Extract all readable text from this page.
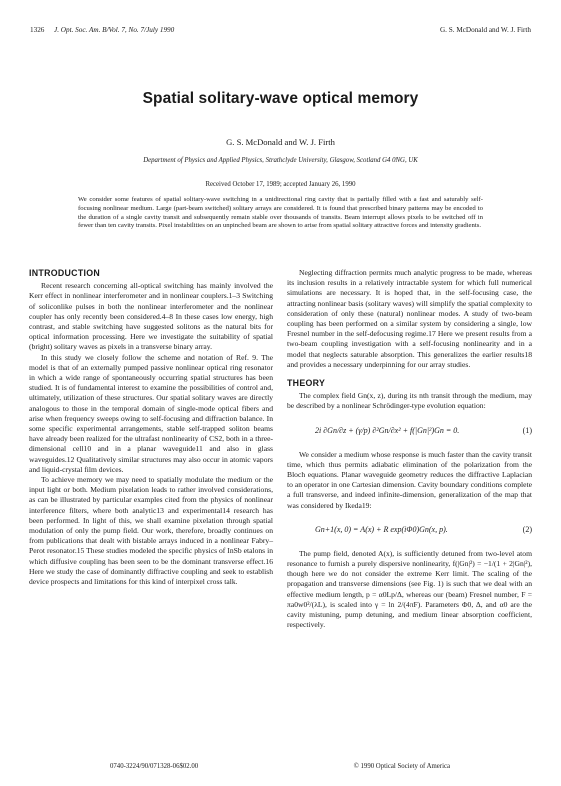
1326	J. Opt. Soc. Am. B/Vol. 7, No. 7/July 1990	G. S. McDonald and W. J. Firth
Spatial solitary-wave optical memory
G. S. McDonald and W. J. Firth
Department of Physics and Applied Physics, Strathclyde University, Glasgow, Scotland G4 0NG, UK
Received October 17, 1989; accepted January 26, 1990
We consider some features of spatial solitary-wave switching in a unidirectional ring cavity that is partially filled with a fast and saturably self-focusing nonlinear medium. Large (part-beam switched) solitary arrays are considered. It is found that prescribed binary patterns may be encoded to the duration of a single cavity transit and subsequently remain stable over thousands of transits. Beam interrupt allows pixels to be switched off in fewer than ten cavity transits. Pixel instabilities on an unpinched beam are shown to arise from spatial solitary attractive forces and intensity gradients.
INTRODUCTION

Recent research concerning all-optical switching has mainly involved the Kerr effect in nonlinear interferometer and in nonlinear couplers.1–3 Switching of soliconlike pulses in both the nonlinear interferometer and the nonlinear coupler has only recently been considered.4–8 In these cases low energy, high contrast, and stable switching have suggested solitons as the natural bits for optical information processing. Here we investigate the suitability of spatial (bright) solitary waves as pixels in a transverse binary array.

In this study we closely follow the scheme and notation of Ref. 9. The model is that of an externally pumped passive nonlinear optical ring resonator in which a wide range of spontaneously occurring spatial structures has been studied. It is of fundamental interest to examine the possibilities of control and, ultimately, utilization of these structures. Our spatial solitary waves are directly analogous to those in the temporal domain of single-mode optical fibers and arise when frequency sweeps owing to self-focusing and diffraction balance. In some specific experimental arrangements, stable self-trapped soliton beams have already been realized for the ultrafast nonlinearity of CS2, both in a three-dimensional cell10 and in a planar waveguide11 and also in glass waveguides.12 Qualitatively similar structures may also occur in atomic vapors and liquid-crystal film devices.

To achieve memory we may need to spatially modulate the medium or the input light or both. Medium pixelation leads to rather involved considerations, as can be illustrated by particular examples cited from the physics of nonlinear interference filters, where both analytic13 and experimental14 research has been performed. In light of this, we shall examine pixelation through spatial modulation of only the pump field. Our work, therefore, broadly continues on from publications that dealt with bistable arrays induced in a nonlinear Fabry–Perot resonator.15 These studies modeled the specific physics of InSb etalons in which diffusive coupling has been seen to be the dominant transverse effect.16 Here we study the case of dominantly diffractive coupling and seek to establish device prospects and limitations for this kind of interpixel cross talk.

Neglecting diffraction permits much analytic progress to be made, whereas its inclusion results in a relatively intractable system for which full numerical simulations are necessary. It is hoped that, in the self-focusing case, the attracting nonlinear basis (solitary waves) will simplify the spatial complexity to consideration of only these (natural) nonlinear modes. A study of two-beam coupling has been performed on a similar system by considering a single, low Fresnel number in the self-defocusing regime.17 Here we present results from a two-beam coupling investigation with a self-focusing nonlinearity and in a model that neglects saturable absorption. This generalizes the earlier results18 and provides a necessary underpinning for our array studies.

THEORY

The complex field Gn(x, z), during its nth transit through the medium, may be described by a nonlinear Schrödinger-type evolution equation:

2i ∂Gn/∂z + (γ/p) ∂²Gn/∂x² + f(|Gn|²)Gn = 0.	(1)

We consider a medium whose response is much faster than the cavity transit time, which thus permits adiabatic elimination of the polarization from the Bloch equations. Planar waveguide geometry reduces the diffractive Laplacian to an operator in one Cartesian dimension. Cavity boundary conditions complete a full transverse, and indeed infinite-dimension, generalization of the map that was considered by Ikeda19:

Gn+1(x, 0) = A(x) + R exp(iΦ0)Gn(x, p).	(2)

The pump field, denoted A(x), is sufficiently detuned from two-level atom resonance to furnish a purely dispersive nonlinearity, f(|Gn|²) = −1/(1 + 2|Gn|²), though here we do not consider the extreme Kerr limit. The scaling of the propagation and transverse dimensions (see Fig. 1) is such that we deal with an effective medium length, p = α0Lp/Δ, whereas our (beam) Fresnel number, F = πa0w0²/(λL), is scaled into γ = ln 2/(4πF). Parameters Φ0, Δ, and α0 are the cavity mistuning, pump detuning, and medium linear absorption coefficient, respectively.

0740-3224/90/071328-06$02.00	© 1990 Optical Society of America
